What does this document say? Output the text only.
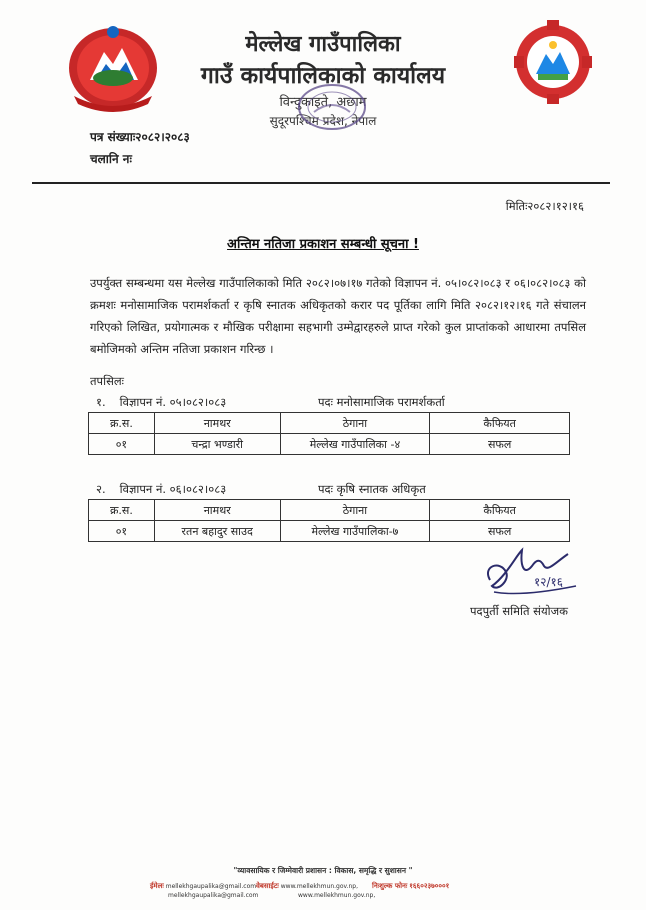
मेल्लेख गाउँपालिका
गाउँ कार्यपालिकाको कार्यालय
विन्दुकाइते, अछाम
सुदूरपश्चिम प्रदेश, नेपाल
पत्र संख्याः२०८२।२०८३
चलानि नः
मितिः२०८२।१२।१६
अन्तिम नतिजा प्रकाशन सम्बन्धी सूचना !
उपर्युक्त सम्बन्धमा यस मेल्लेख गाउँपालिकाको मिति २०८२।०७।१७ गतेको विज्ञापन नं. ०५।०८२।०८३ र ०६।०८२।०८३ को क्रमशः मनोसामाजिक परामर्शकर्ता र कृषि स्नातक अधिकृतको करार पद पूर्तिका लागि मिति २०८२।१२।१६ गते संचालन गरिएको लिखित, प्रयोगात्मक र मौखिक परीक्षामा सहभागी उम्मेद्वारहरुले प्राप्त गरेको कुल प्राप्तांकको आधारमा तपसिल बमोजिमको अन्तिम नतिजा प्रकाशन गरिन्छ ।
तपसिलः
१. विज्ञापन नं. ०५।०८२।०८३	पदः मनोसामाजिक परामर्शकर्ता
क्र.स.	नामथर	ठेगाना	कैफियत
०१	चन्द्रा भण्डारी	मेल्लेख गाउँपालिका -४	सफल
२. विज्ञापन नं. ०६।०८२।०८३	पदः कृषि स्नातक अधिकृत
क्र.स.	नामथर	ठेगाना	कैफियत
०१	रतन बहादुर साउद	मेल्लेख गाउँपालिका-७	सफल
१२/१६
पदपुर्ती समिति संयोजक
"व्यावसायिक र जिम्मेवारी प्रशासन : विकास, समृद्धि र सुशासन "
ईमेलः mellekhgaupalika@gmail.com वेबसाईटः www.mellekhmun.gov.np, निःशुल्क फोनः १६६०२३७०००१
mellekhgaupalika@gmail.com	www.mellekhmun.gov.np,
